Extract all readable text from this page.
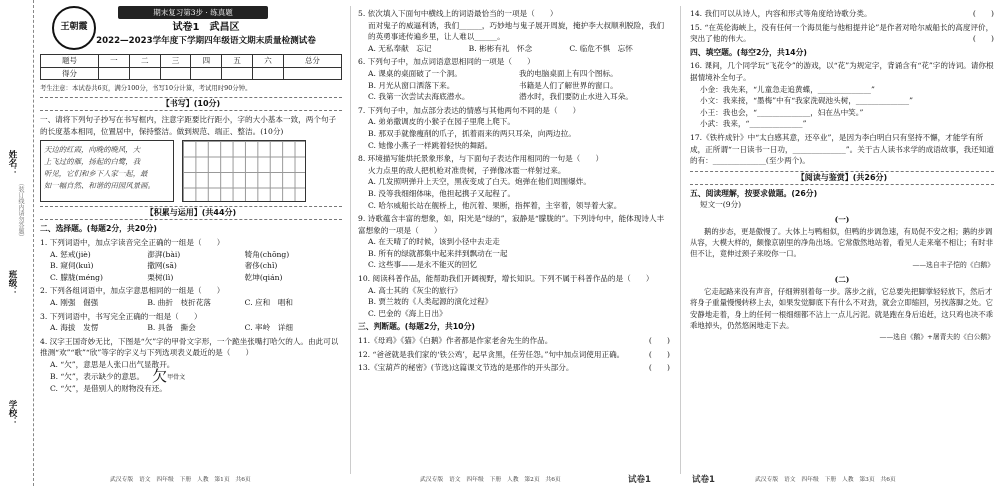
姓名：
（装订线内请勿答题）
班级：
学校：
王朝霞
期末复习第3步 · 练真题
试卷1　武昌区
2022—2023学年度下学期四年级语文期末质量检测试卷
题号	一	二	三	四	五	六	总分
得分							
考生注意：本试卷共6页，满分100分，书写10分计算，考试用时90分钟。
【书写】(10分)
一、请将下列句子抄写在书写框内，注意字距要比行距小，字的大小基本一致，两个句子的长度基本相同，位置居中，保持整洁。做到规范、端正、整洁。(10分)
天边的红霞，向晚的晚风，大
上飞过的雁，扬起的白鹭，我
听见，它们和乡下人家一起，最
如一幅自然、和谐的田园风景画。
【积累与运用】(共44分)
二、选择题。(每题2分，共20分)
1. 下列词语中，加点字读音完全正确的一组是（　　）
A. 惩戒(jiè)	澎湃(bài)	犄角(chōng)
B. 窥伺(kuì)	撒网(sā)	奢侈(chǐ)
C. 朦胧(méng)	栗树(lì)	乾坤(qián)
2. 下列各组词语中，加点字意思相同的一组是（　　）
A. 刚强　倔强	B. 曲折　枝折花落	C. 应和　唱和
3. 下列词语中，书写完全正确的一组是（　　）
A. 海拔　发愣	B. 具备　撕会	C. 率岭　详细
4. 汉字王国奇妙无比，下图是“欠”字的甲骨文字形，一个跪坐张嘴打哈欠的人。由此可以推测“欢”“歌”“欣”等字的字义与下列选项表义最近的是（　　）
A. “欠”，意思是人张口出气显散开。
B. “欠”，表示缺少的意思。 欠甲骨文
C. “欠”，是借别人的财物没有还。
武汉专版　语文　四年级　下册　人教　第1页　共6页
5. 依次填入下面句中横线上的词语最恰当的一项是（　　）
而对鬼子的威逼利诱，我们______，巧妙地与鬼子展开周旋，掩护李大叔顺利脱险，我们的英勇事迹传遍乡里，让人难以______。
A. 无私奉献　忘记	B. 彬彬有礼　怀念	C. 临危不惧　忘怀
6. 下列句子中，加点词语意思相同的一项是（　　）
A. 课桌的桌面破了一个洞。	我的电脑桌面上有四个图标。
B. 月光从窗口洒落下来。	书籍是人们了解世界的窗口。
C. 我第一次尝试去海底潜水。	潜水时，我们要防止水进入耳朵。
7. 下列句子中，加点部分表达的情感与其他两句不同的是（　　）
A. 弟弟撒调皮的小猴子在园子里爬上爬下。
B. 那双手就像瘦削的爪子，抓着雨来的两只耳朵，向两边拉。
C. 她像小燕子一样跳着轻快的舞蹈。
8. 环境描写能烘托景象形象，与下面句子表达作用相同的一句是（　　）
火力点里的敌人把机枪对准贵树，子弹像冰雹一样射过来。
A. 几发照明弹升上天空，黑夜变成了白天。炮弹在他们周围爆炸。
B. 没等我细细体味，他担起携子又起程了。
C. 哈尔威船长站在舰桥上，他沉着、果断，指挥着，主宰着，领导着大家。
9. 诗歌蕴含丰富的想象，如，阳光是“绿的”，寂静是“朦胧的”。下列诗句中，能体现诗人丰富想象的一项是（　　）
A. 在天晴了的时候，该到小径中去走走
B. 所有的绿就都集中起来拌到飘动在一起
C. 这些事——是永不能灭的回忆
10. 阅读科普作品，能帮助我们开阔视野，增长知识。下列不属于科普作品的是（　　）
A. 高士其的《灰尘的旅行》
B. 贾兰坡的《人类起源的演化过程》
C. 巴金的《海上日出》
三、判断题。(每题2分，共10分)
11.《母鸡》《猫》《白鹅》作者都是作家老舍先生的作品。	(　　)
12. “爸爸就是我们家的‘铁公鸡’，起早贪黑，任劳任怨。”句中加点词使用正确。	(　　)
13.《宝葫芦的秘密》(节选)这篇课文节选的是那作的开头部分。	(　　)
武汉专版　语文　四年级　下册　人教　第2页　共6页	试卷1
14. 我们可以从诗人，内容和形式等角度给诗歌分类。	(　　)
15. “在英伦海峡上，没有任何一个海员能与他相提并论”是作者对哈尔威船长的高度评价，突出了他的伟大。	(　　)
四、填空题。(每空2分，共14分)
16. 课间，几个同学玩“飞花令”的游戏，以“花”为规定字，背诵含有“花”字的诗词。请你根据情境补全句子。
小金：我先来，“儿童急走追黄蝶，______________”
小文：我来接，“墨梅”中有“我家洗砚池头树，______________”
小王：我也会，“______________，妇在丛中笑。”
小武：我来，“______________”
17.《铁杵成针》中“太白感其意，还卒业”，是因为李白明白只有坚持不懈，才能学有所成，正所谓“一日读书一日功，______________”。关于古人读书求学的成语故事，我还知道的有：______________(至少两个)。
【阅读与鉴赏】(共26分)
五、阅读理解，按要求做题。(26分)
短文一(9分)
(一)
鹅的步态，更是傲慢了。大体上与鸭相似，但鸭的步调急速，有局促不安之相；鹅的步调从容，大模大样的，颇像京剧里的净角出场。它常傲然地站着，看见人走来毫不相让；有时非但不让，竟伸过颈子来咬你一口。
——选自丰子恺的《白鹅》
(二)
它走起路来没有声音，仔细辨别着每一步。落步之前，它总要先把脚掌轻轻放下，然后才将身子重量慢慢转移上去，如果发觉脚底下有什么不对劲，就会立即缩回，另找落脚之处。它安静地走着，身上的任何一根细细都不沾上一点儿污泥。就是跑在身后追赶，这只鸡也决不乖乖地掉头，仍然悠闲地走下去。
——选自《鹅》+屠青夫的《白公鹅》
试卷1	武汉专版　语文　四年级　下册　人教　第3页　共6页
